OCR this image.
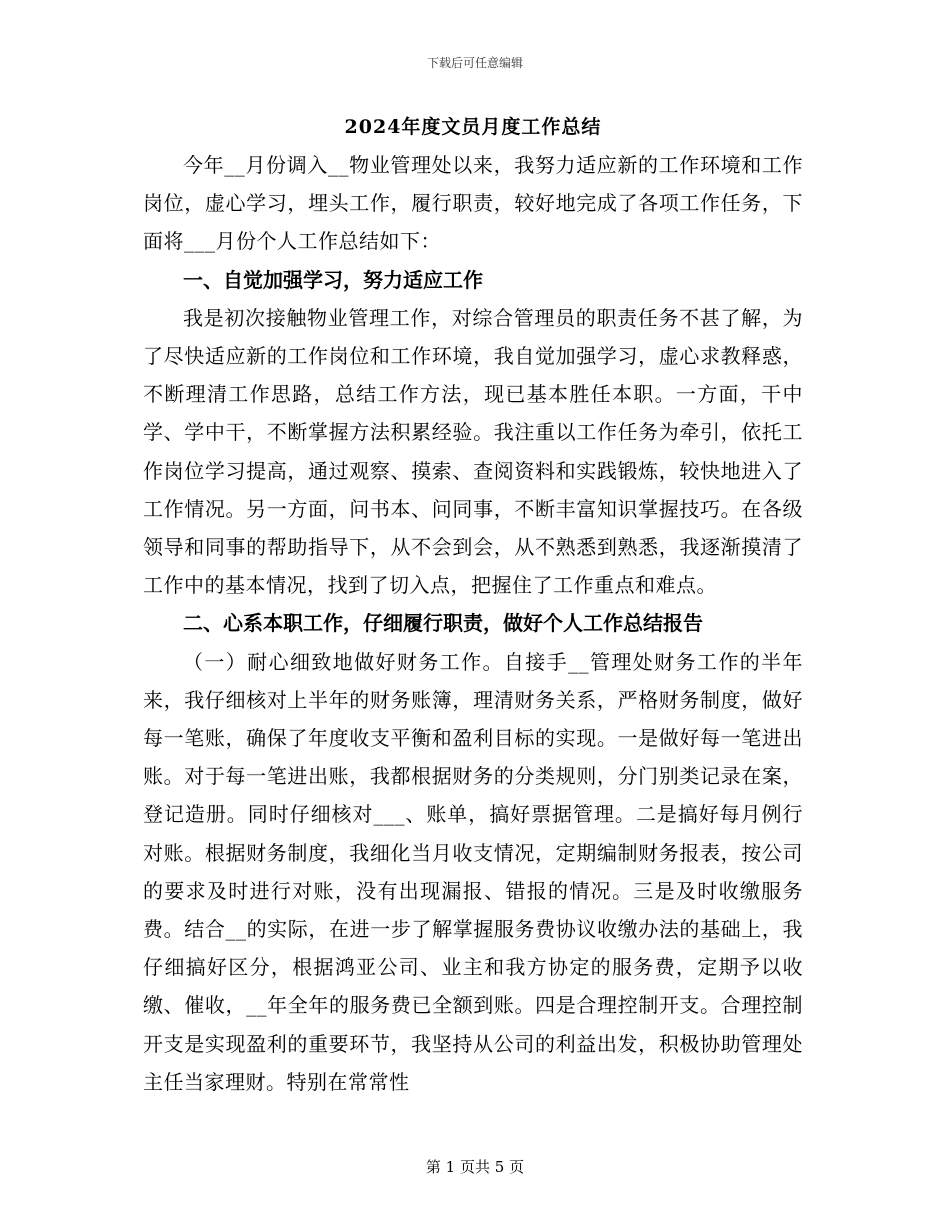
下载后可任意编辑
2024年度文员月度工作总结

今年__月份调入__物业管理处以来，我努力适应新的工作环境和工作岗位，虚心学习，埋头工作，履行职责，较好地完成了各项工作任务，下面将___月份个人工作总结如下：

一、自觉加强学习，努力适应工作

我是初次接触物业管理工作，对综合管理员的职责任务不甚了解，为了尽快适应新的工作岗位和工作环境，我自觉加强学习，虚心求教释惑，不断理清工作思路，总结工作方法，现已基本胜任本职。一方面，干中学、学中干，不断掌握方法积累经验。我注重以工作任务为牵引，依托工作岗位学习提高，通过观察、摸索、查阅资料和实践锻炼，较快地进入了工作情况。另一方面，问书本、问同事，不断丰富知识掌握技巧。在各级领导和同事的帮助指导下，从不会到会，从不熟悉到熟悉，我逐渐摸清了工作中的基本情况，找到了切入点，把握住了工作重点和难点。

二、心系本职工作，仔细履行职责，做好个人工作总结报告

（一）耐心细致地做好财务工作。自接手__管理处财务工作的半年来，我仔细核对上半年的财务账簿，理清财务关系，严格财务制度，做好每一笔账，确保了年度收支平衡和盈利目标的实现。一是做好每一笔进出账。对于每一笔进出账，我都根据财务的分类规则，分门别类记录在案，登记造册。同时仔细核对___、账单，搞好票据管理。二是搞好每月例行对账。根据财务制度，我细化当月收支情况，定期编制财务报表，按公司的要求及时进行对账，没有出现漏报、错报的情况。三是及时收缴服务费。结合__的实际，在进一步了解掌握服务费协议收缴办法的基础上，我仔细搞好区分，根据鸿亚公司、业主和我方协定的服务费，定期予以收缴、催收，__年全年的服务费已全额到账。四是合理控制开支。合理控制开支是实现盈利的重要环节，我坚持从公司的利益出发，积极协助管理处主任当家理财。特别在常常性

第 1 页共 5 页
